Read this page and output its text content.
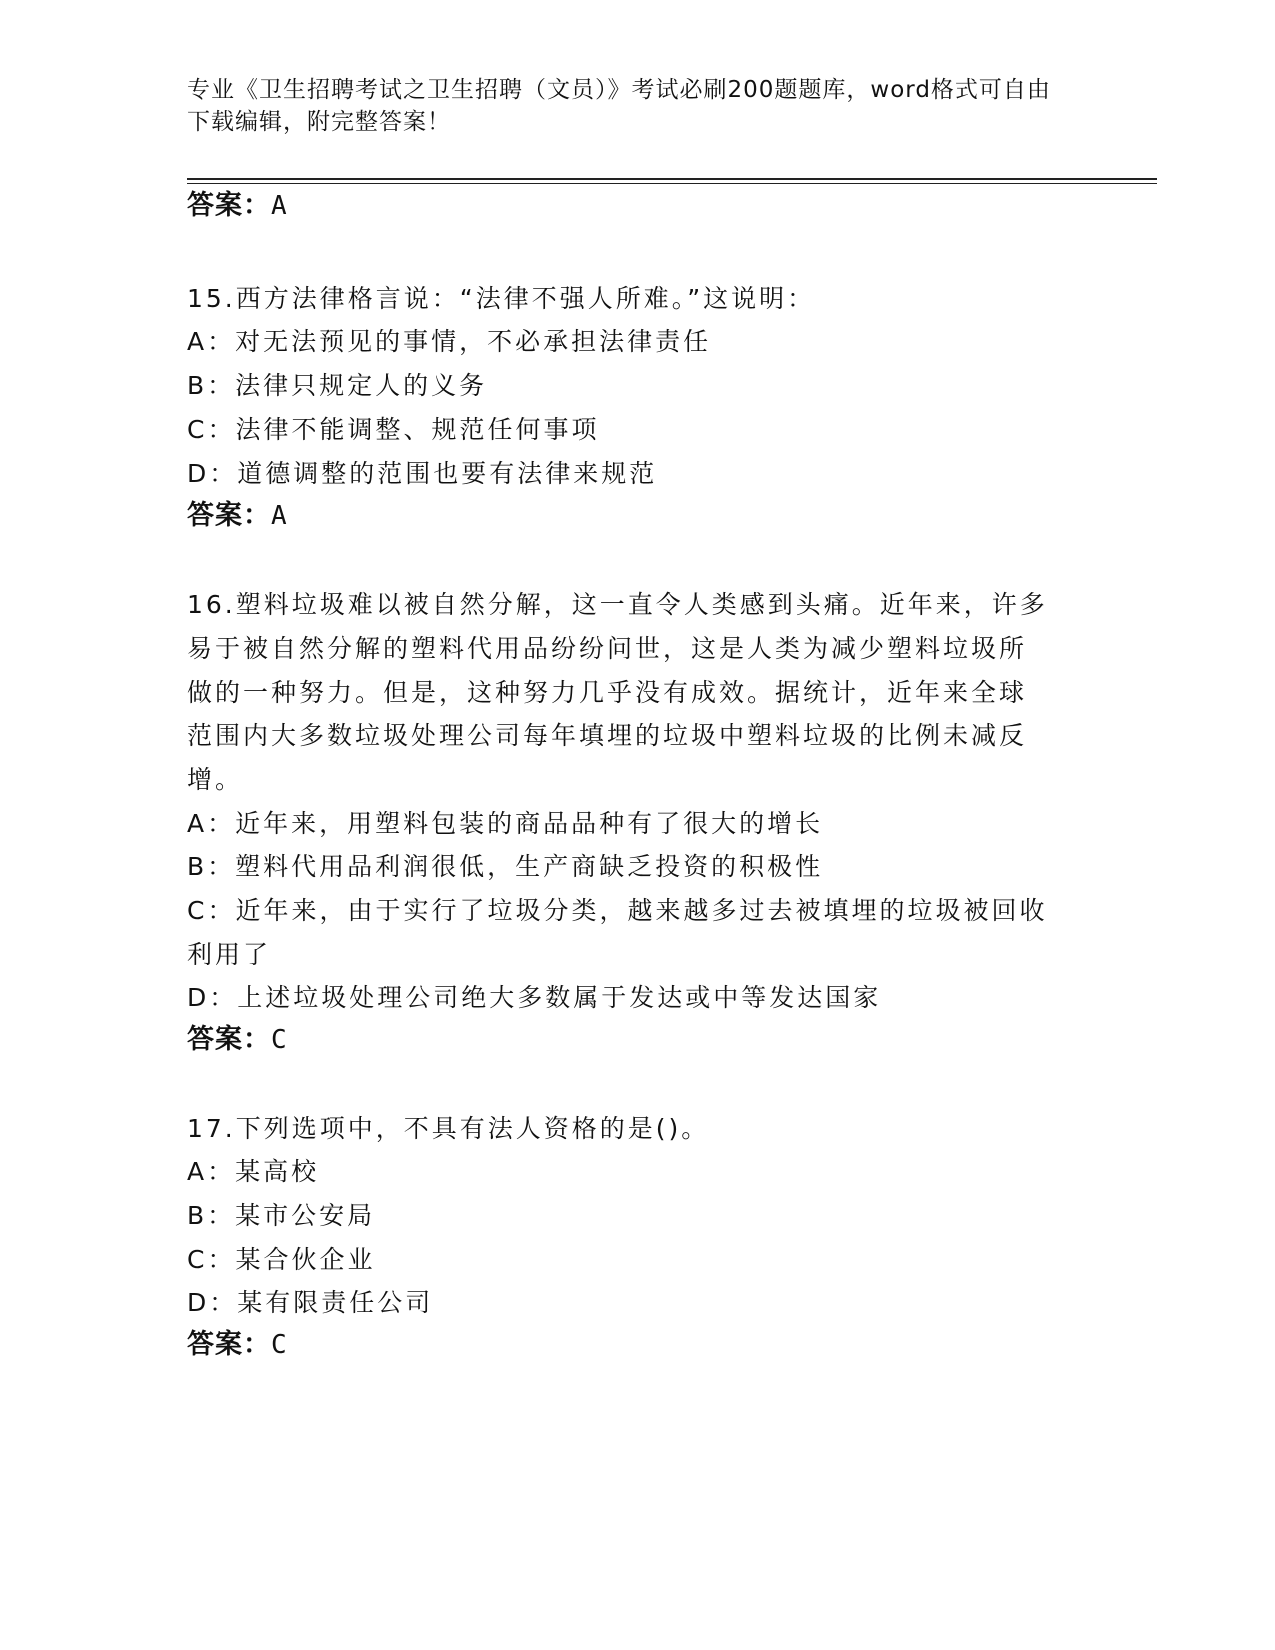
专业《卫生招聘考试之卫生招聘（文员）》考试必刷200题题库，word格式可自由下载编辑，附完整答案！
答案：A
15.西方法律格言说：“法律不强人所难。”这说明：
A：对无法预见的事情，不必承担法律责任
B：法律只规定人的义务
C：法律不能调整、规范任何事项
D：道德调整的范围也要有法律来规范
答案：A
16.塑料垃圾难以被自然分解，这一直令人类感到头痛。近年来，许多
易于被自然分解的塑料代用品纷纷问世，这是人类为减少塑料垃圾所
做的一种努力。但是，这种努力几乎没有成效。据统计，近年来全球
范围内大多数垃圾处理公司每年填埋的垃圾中塑料垃圾的比例未减反
增。
A：近年来，用塑料包装的商品品种有了很大的增长
B：塑料代用品利润很低，生产商缺乏投资的积极性
C：近年来，由于实行了垃圾分类，越来越多过去被填埋的垃圾被回收
利用了
D：上述垃圾处理公司绝大多数属于发达或中等发达国家
答案：C
17.下列选项中，不具有法人资格的是()。
A：某高校
B：某市公安局
C：某合伙企业
D：某有限责任公司
答案：C
